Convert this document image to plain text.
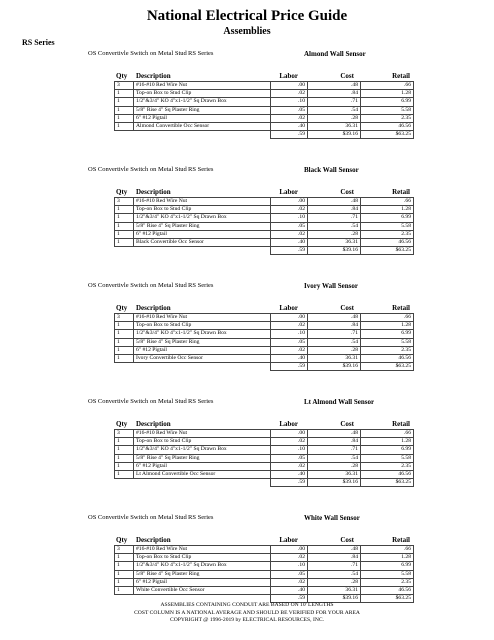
National Electrical Price Guide
Assemblies
RS Series
OS Convertivle Switch on Metal Stud RS Series	Almond Wall Sensor
Qty Description	Labor	Cost	Retail
3	#16-#10 Red Wire Nut	.00	.48	.66
1	Top-on Box to Stud Clip	.02	.84	1.28
1	1/2"&3/4" KO 4"x1-1/2" Sq Drawn Box	.10	.71	6.99
1	5/8" Rise 4" Sq Plaster Ring	.05	.54	5.58
1	6" #12 Pigtail	.02	.28	2.35
1	Almond Convertible Occ Sensor	.40	36.31	46.56
		.59	$39.16	$63.25
OS Convertivle Switch on Metal Stud RS Series	Black Wall Sensor
Qty Description	Labor	Cost	Retail
3	#16-#10 Red Wire Nut	.00	.48	.66
1	Top-on Box to Stud Clip	.02	.84	1.28
1	1/2"&3/4" KO 4"x1-1/2" Sq Drawn Box	.10	.71	6.99
1	5/8" Rise 4" Sq Plaster Ring	.05	.54	5.58
1	6" #12 Pigtail	.02	.28	2.35
1	Black Convertible Occ Sensor	.40	36.31	46.56
		.59	$39.16	$63.25
OS Convertivle Switch on Metal Stud RS Series	Ivory Wall Sensor
Qty Description	Labor	Cost	Retail
3	#16-#10 Red Wire Nut	.00	.48	.66
1	Top-on Box to Stud Clip	.02	.84	1.28
1	1/2"&3/4" KO 4"x1-1/2" Sq Drawn Box	.10	.71	6.99
1	5/8" Rise 4" Sq Plaster Ring	.05	.54	5.58
1	6" #12 Pigtail	.02	.28	2.35
1	Ivory Convertible Occ Sensor	.40	36.31	46.56
		.59	$39.16	$63.25
OS Convertivle Switch on Metal Stud RS Series	Lt Almond Wall Sensor
Qty Description	Labor	Cost	Retail
3	#16-#10 Red Wire Nut	.00	.48	.66
1	Top-on Box to Stud Clip	.02	.84	1.28
1	1/2"&3/4" KO 4"x1-1/2" Sq Drawn Box	.10	.71	6.99
1	5/8" Rise 4" Sq Plaster Ring	.05	.54	5.58
1	6" #12 Pigtail	.02	.28	2.35
1	Lt Almond Convertible Occ Sensor	.40	36.31	46.56
		.59	$39.16	$63.25
OS Convertivle Switch on Metal Stud RS Series	White Wall Sensor
Qty Description	Labor	Cost	Retail
3	#16-#10 Red Wire Nut	.00	.48	.66
1	Top-on Box to Stud Clip	.02	.84	1.28
1	1/2"&3/4" KO 4"x1-1/2" Sq Drawn Box	.10	.71	6.99
1	5/8" Rise 4" Sq Plaster Ring	.05	.54	5.58
1	6" #12 Pigtail	.02	.28	2.35
1	White Convertible Occ Sensor	.40	36.31	46.56
		.59	$39.16	$63.25
ASSEMBLIES CONTAINING CONDUIT ARE BASED ON 10' LENGTHS
COST COLUMN IS A NATIONAL AVERAGE AND SHOULD BE VERIFIED FOR YOUR AREA
COPYRIGHT @ 1996-2019 by ELECTRICAL RESOURCES, INC.
